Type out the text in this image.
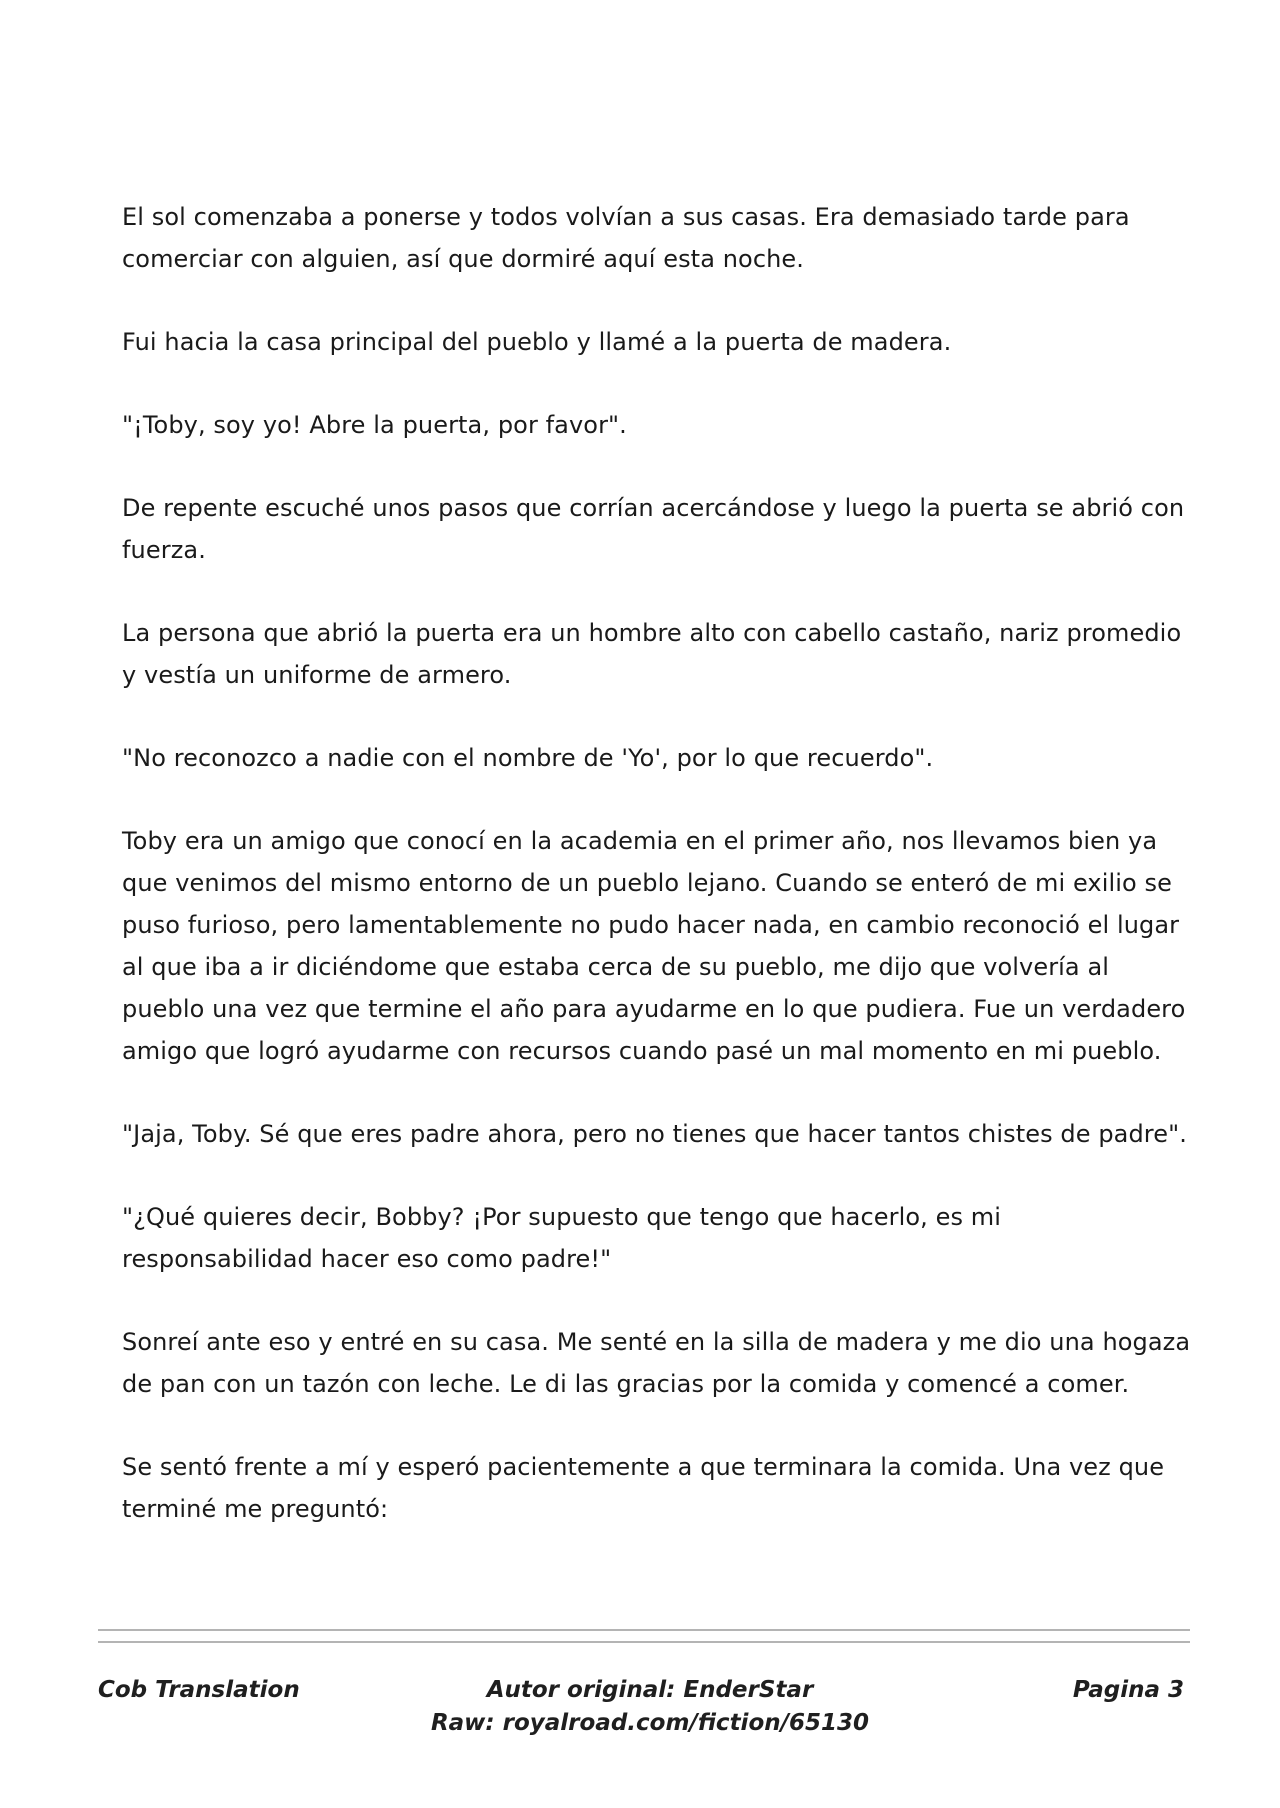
El sol comenzaba a ponerse y todos volvían a sus casas. Era demasiado tarde para comerciar con alguien, así que dormiré aquí esta noche.

Fui hacia la casa principal del pueblo y llamé a la puerta de madera.

"¡Toby, soy yo! Abre la puerta, por favor".

De repente escuché unos pasos que corrían acercándose y luego la puerta se abrió con fuerza.

La persona que abrió la puerta era un hombre alto con cabello castaño, nariz promedio y vestía un uniforme de armero.

"No reconozco a nadie con el nombre de 'Yo', por lo que recuerdo".

Toby era un amigo que conocí en la academia en el primer año, nos llevamos bien ya que venimos del mismo entorno de un pueblo lejano. Cuando se enteró de mi exilio se puso furioso, pero lamentablemente no pudo hacer nada, en cambio reconoció el lugar al que iba a ir diciéndome que estaba cerca de su pueblo, me dijo que volvería al pueblo una vez que termine el año para ayudarme en lo que pudiera. Fue un verdadero amigo que logró ayudarme con recursos cuando pasé un mal momento en mi pueblo.

"Jaja, Toby. Sé que eres padre ahora, pero no tienes que hacer tantos chistes de padre".

"¿Qué quieres decir, Bobby? ¡Por supuesto que tengo que hacerlo, es mi responsabilidad hacer eso como padre!"

Sonreí ante eso y entré en su casa. Me senté en la silla de madera y me dio una hogaza de pan con un tazón con leche. Le di las gracias por la comida y comencé a comer.

Se sentó frente a mí y esperó pacientemente a que terminara la comida. Una vez que terminé me preguntó:

Cob Translation	Autor original: EnderStar
Raw: royalroad.com/fiction/65130
Pagina 3
